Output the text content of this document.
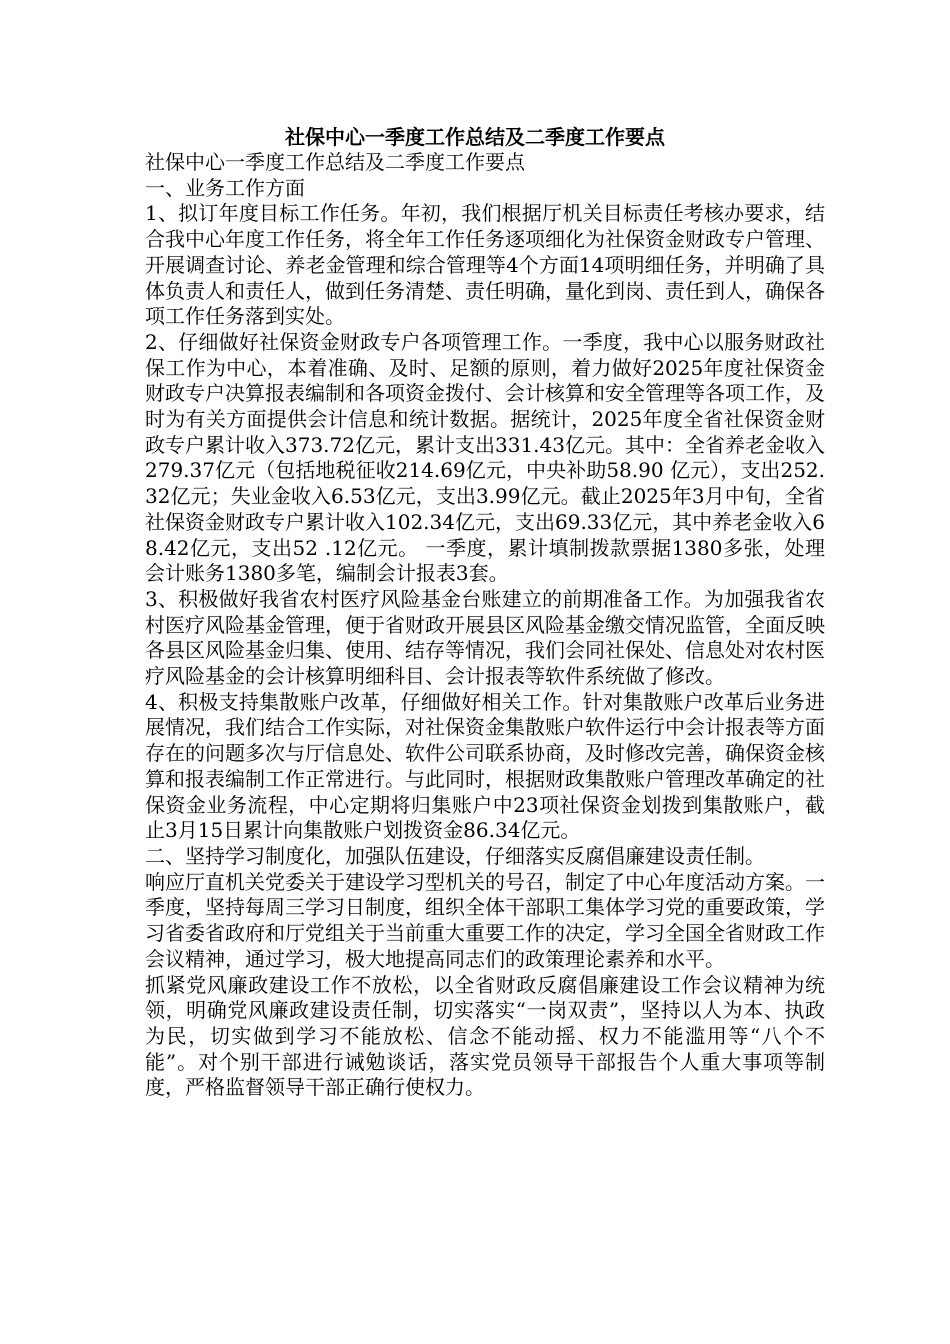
社保中心一季度工作总结及二季度工作要点

社保中心一季度工作总结及二季度工作要点

一、业务工作方面

1、拟订年度目标工作任务。年初，我们根据厅机关目标责任考核办要求，结合我中心年度工作任务，将全年工作任务逐项细化为社保资金财政专户管理、开展调查讨论、养老金管理和综合管理等4个方面14项明细任务，并明确了具体负责人和责任人，做到任务清楚、责任明确，量化到岗、责任到人，确保各项工作任务落到实处。

2、仔细做好社保资金财政专户各项管理工作。一季度，我中心以服务财政社保工作为中心，本着准确、及时、足额的原则，着力做好2025年度社保资金财政专户决算报表编制和各项资金拨付、会计核算和安全管理等各项工作，及时为有关方面提供会计信息和统计数据。据统计，2025年度全省社保资金财政专户累计收入373.72亿元，累计支出331.43亿元。其中：全省养老金收入279.37亿元（包括地税征收214.69亿元，中央补助58.90 亿元），支出252.32亿元；失业金收入6.53亿元，支出3.99亿元。截止2025年3月中旬，全省社保资金财政专户累计收入102.34亿元，支出69.33亿元，其中养老金收入68.42亿元，支出52 .12亿元。 一季度，累计填制拨款票据1380多张，处理会计账务1380多笔，编制会计报表3套。

3、积极做好我省农村医疗风险基金台账建立的前期准备工作。为加强我省农村医疗风险基金管理，便于省财政开展县区风险基金缴交情况监管，全面反映各县区风险基金归集、使用、结存等情况，我们会同社保处、信息处对农村医疗风险基金的会计核算明细科目、会计报表等软件系统做了修改。

4、积极支持集散账户改革，仔细做好相关工作。针对集散账户改革后业务进展情况，我们结合工作实际，对社保资金集散账户软件运行中会计报表等方面存在的问题多次与厅信息处、软件公司联系协商，及时修改完善，确保资金核算和报表编制工作正常进行。与此同时，根据财政集散账户管理改革确定的社保资金业务流程，中心定期将归集账户中23项社保资金划拨到集散账户，截止3月15日累计向集散账户划拨资金86.34亿元。

二、坚持学习制度化，加强队伍建设，仔细落实反腐倡廉建设责任制。

响应厅直机关党委关于建设学习型机关的号召，制定了中心年度活动方案。一季度，坚持每周三学习日制度，组织全体干部职工集体学习党的重要政策，学习省委省政府和厅党组关于当前重大重要工作的决定，学习全国全省财政工作会议精神，通过学习，极大地提高同志们的政策理论素养和水平。

抓紧党风廉政建设工作不放松，以全省财政反腐倡廉建设工作会议精神为统领，明确党风廉政建设责任制，切实落实“一岗双责”，坚持以人为本、执政为民，切实做到学习不能放松、信念不能动摇、权力不能滥用等“八个不能”。对个别干部进行诫勉谈话，落实党员领导干部报告个人重大事项等制度，严格监督领导干部正确行使权力。
